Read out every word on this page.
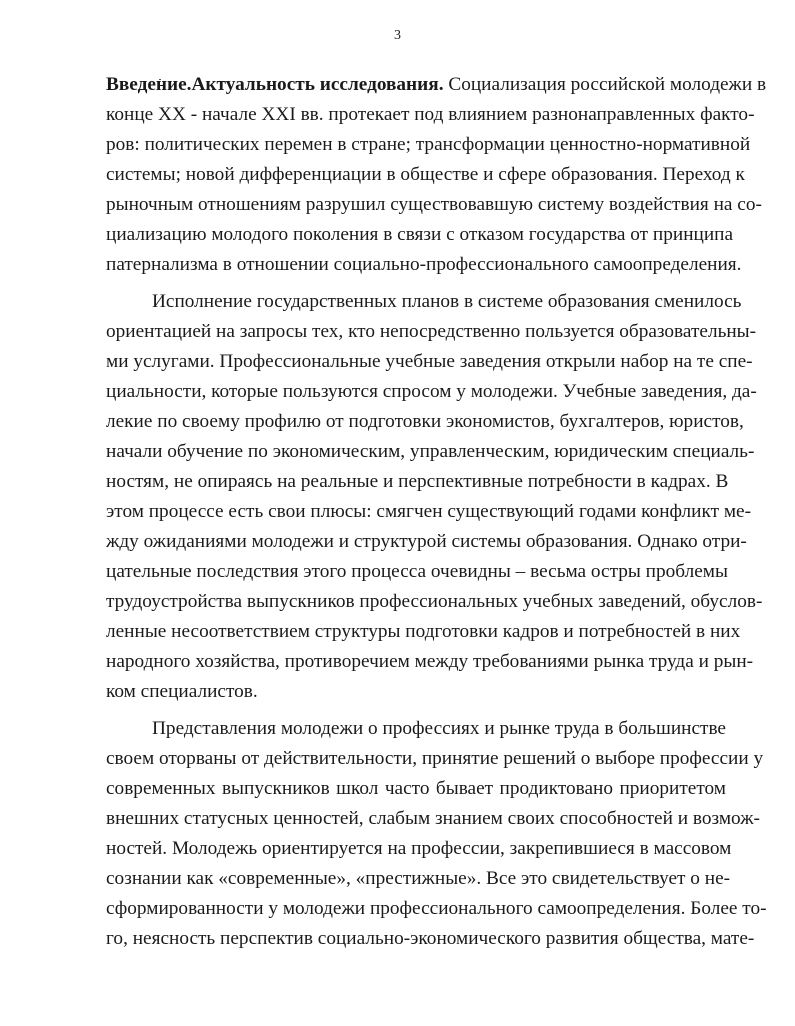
3
Введение.Актуальность исследования. Социализация российской молодежи в
конце XX - начале XXI вв. протекает под влиянием разнонаправленных факто-
ров: политических перемен в стране; трансформации ценностно-нормативной
системы; новой дифференциации в обществе и сфере образования. Переход к
рыночным отношениям разрушил существовавшую систему воздействия на со-
циализацию молодого поколения в связи с отказом государства от принципа
патернализма в отношении социально-профессионального самоопределения.
Исполнение государственных планов в системе образования сменилось
ориентацией на запросы тех, кто непосредственно пользуется образовательны-
ми услугами. Профессиональные учебные заведения открыли набор на те спе-
циальности, которые пользуются спросом у молодежи. Учебные заведения, да-
лекие по своему профилю от подготовки экономистов, бухгалтеров, юристов,
начали обучение по экономическим, управленческим, юридическим специаль-
ностям, не опираясь на реальные и перспективные потребности в кадрах. В
этом процессе есть свои плюсы: смягчен существующий годами конфликт ме-
жду ожиданиями молодежи и структурой системы образования. Однако отри-
цательные последствия этого процесса очевидны – весьма остры проблемы
трудоустройства выпускников профессиональных учебных заведений, обуслов-
ленные несоответствием структуры подготовки кадров и потребностей в них
народного хозяйства, противоречием между требованиями рынка труда и рын-
ком специалистов.
Представления молодежи о профессиях и рынке труда в большинстве
своем оторваны от действительности, принятие решений о выборе профессии у
современных выпускников школ часто бывает продиктовано приоритетом
внешних статусных ценностей, слабым знанием своих способностей и возмож-
ностей. Молодежь ориентируется на профессии, закрепившиеся в массовом
сознании как «современные», «престижные». Все это свидетельствует о не-
сформированности у молодежи профессионального самоопределения. Более то-
го, неясность перспектив социально-экономического развития общества, мате-
